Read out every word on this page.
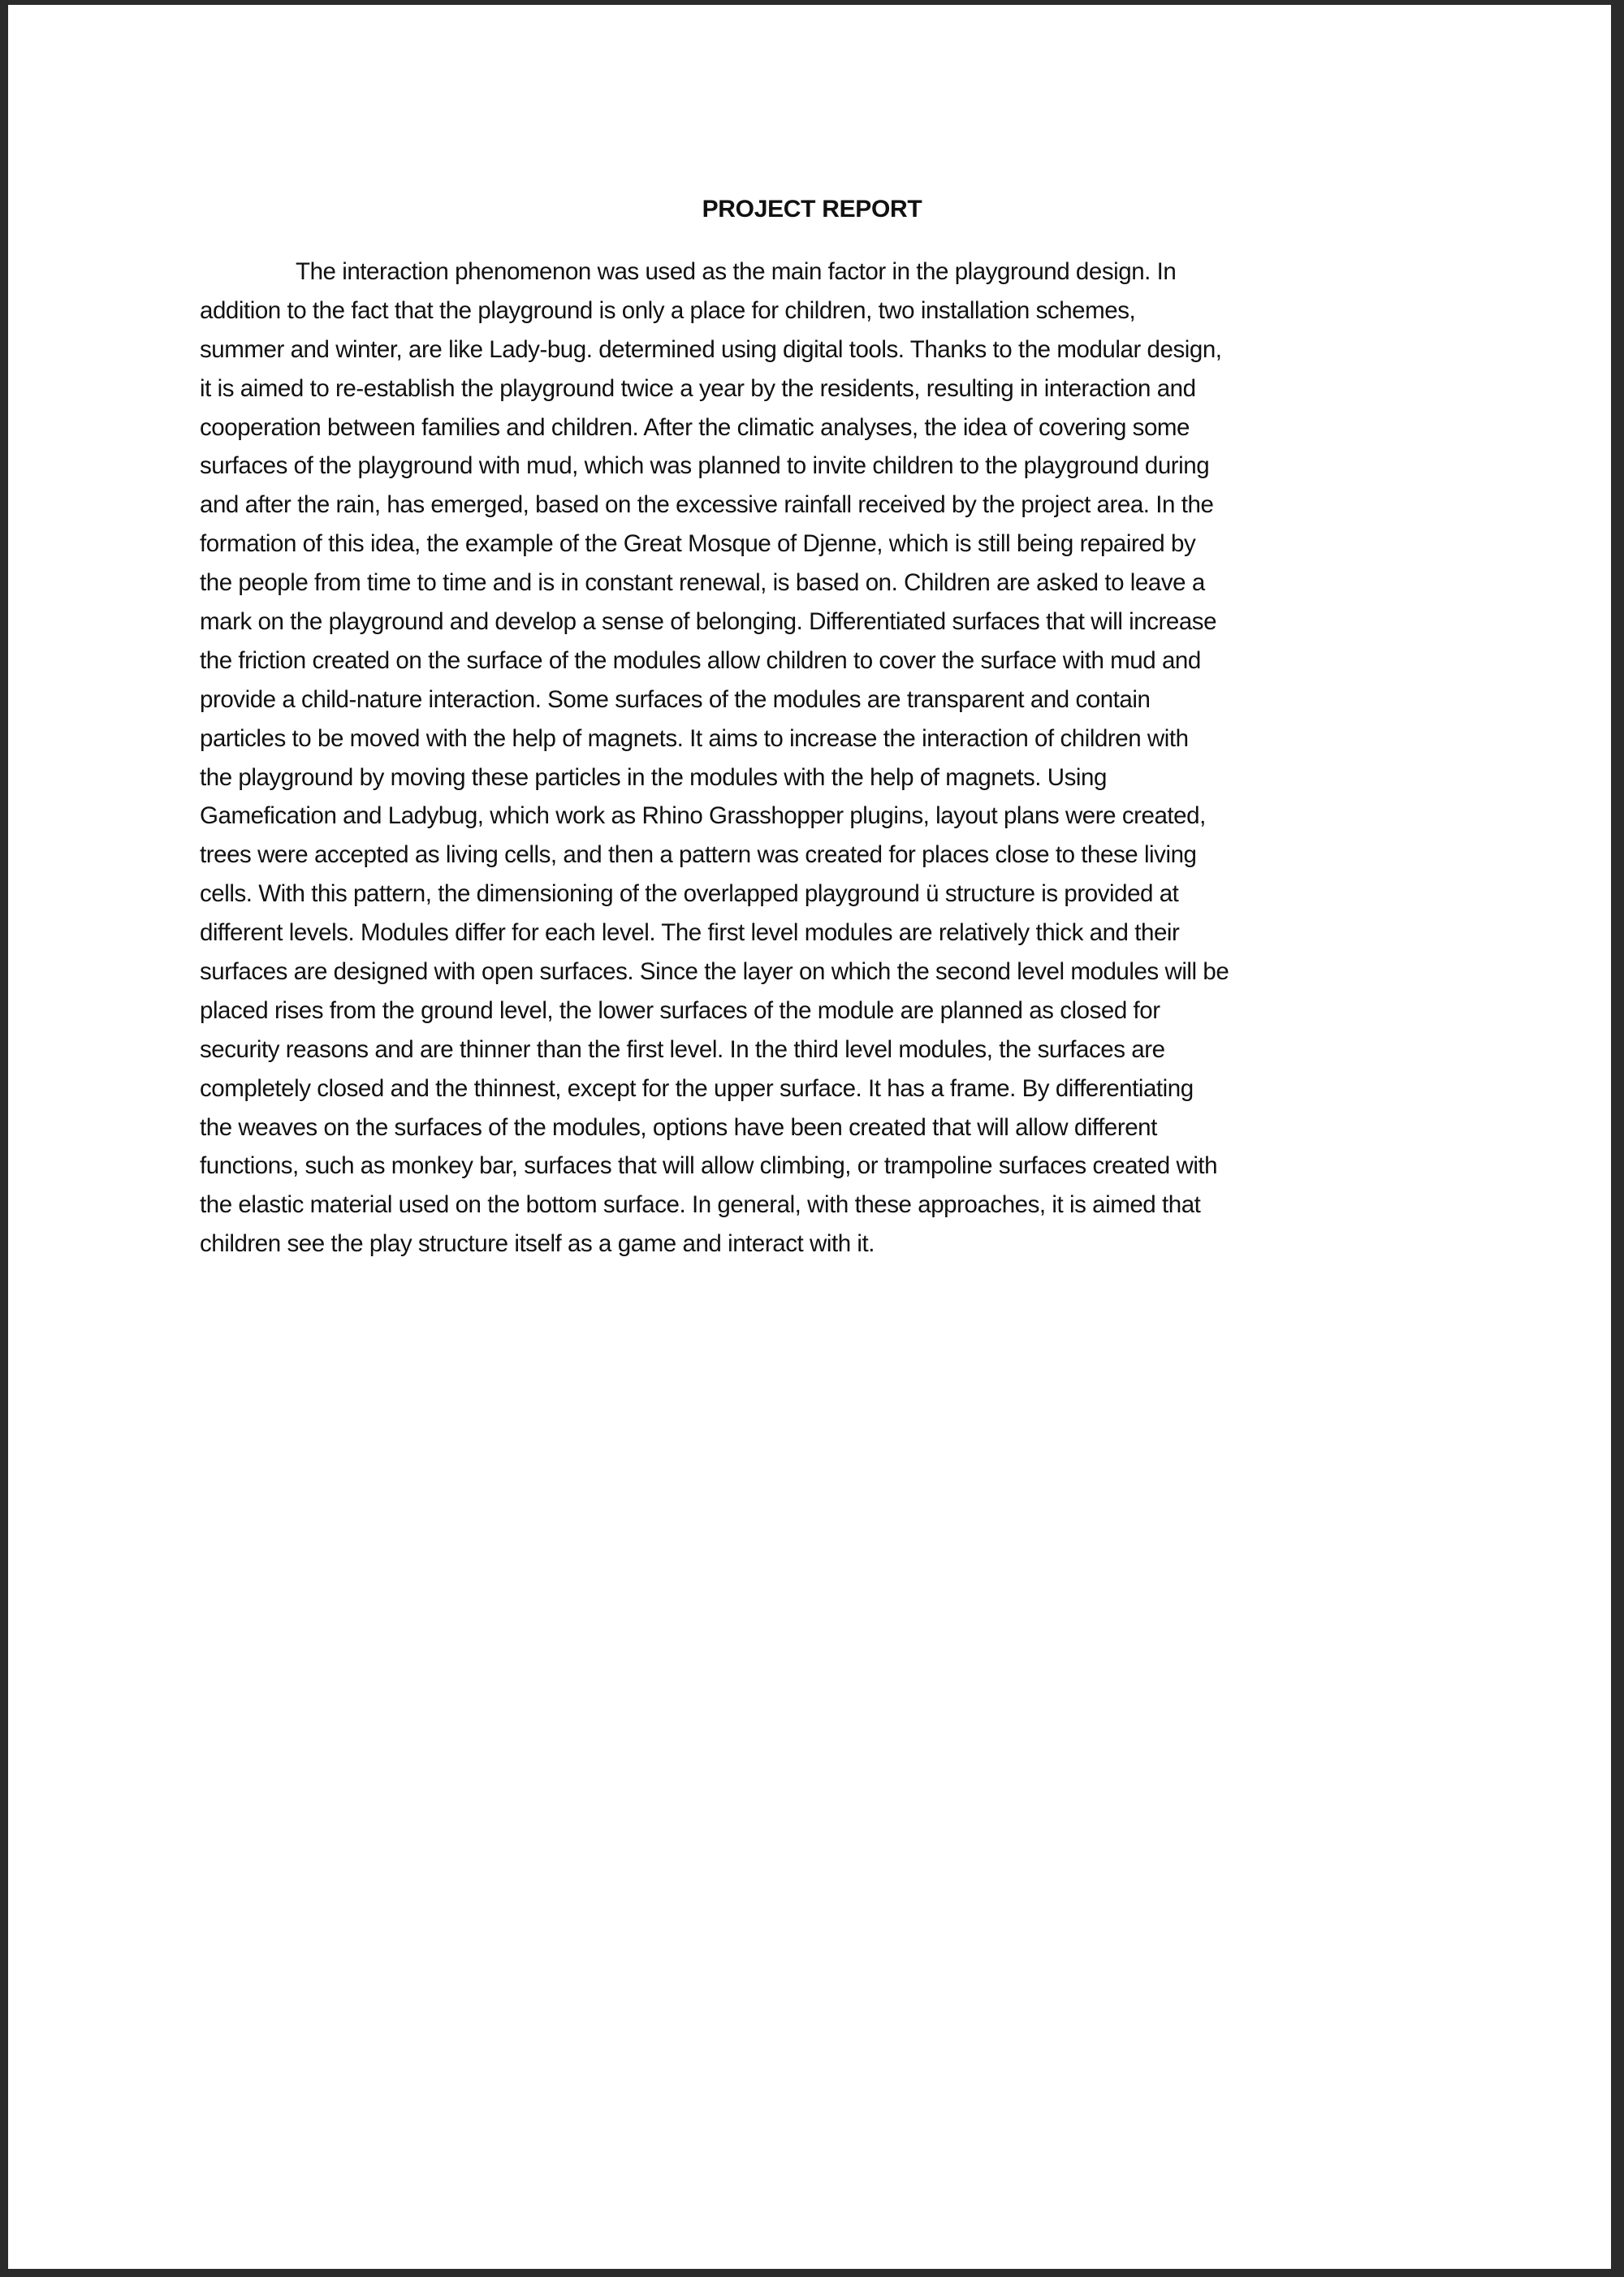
PROJECT REPORT
The interaction phenomenon was used as the main factor in the playground design. In
addition to the fact that the playground is only a place for children, two installation schemes,
summer and winter, are like Lady-bug. determined using digital tools. Thanks to the modular design,
it is aimed to re-establish the playground twice a year by the residents, resulting in interaction and
cooperation between families and children. After the climatic analyses, the idea of covering some
surfaces of the playground with mud, which was planned to invite children to the playground during
and after the rain, has emerged, based on the excessive rainfall received by the project area. In the
formation of this idea, the example of the Great Mosque of Djenne, which is still being repaired by
the people from time to time and is in constant renewal, is based on. Children are asked to leave a
mark on the playground and develop a sense of belonging. Differentiated surfaces that will increase
the friction created on the surface of the modules allow children to cover the surface with mud and
provide a child-nature interaction. Some surfaces of the modules are transparent and contain
particles to be moved with the help of magnets. It aims to increase the interaction of children with
the playground by moving these particles in the modules with the help of magnets. Using
Gamefication and Ladybug, which work as Rhino Grasshopper plugins, layout plans were created,
trees were accepted as living cells, and then a pattern was created for places close to these living
cells. With this pattern, the dimensioning of the overlapped playground ü structure is provided at
different levels. Modules differ for each level. The first level modules are relatively thick and their
surfaces are designed with open surfaces. Since the layer on which the second level modules will be
placed rises from the ground level, the lower surfaces of the module are planned as closed for
security reasons and are thinner than the first level. In the third level modules, the surfaces are
completely closed and the thinnest, except for the upper surface. It has a frame. By differentiating
the weaves on the surfaces of the modules, options have been created that will allow different
functions, such as monkey bar, surfaces that will allow climbing, or trampoline surfaces created with
the elastic material used on the bottom surface. In general, with these approaches, it is aimed that
children see the play structure itself as a game and interact with it.
